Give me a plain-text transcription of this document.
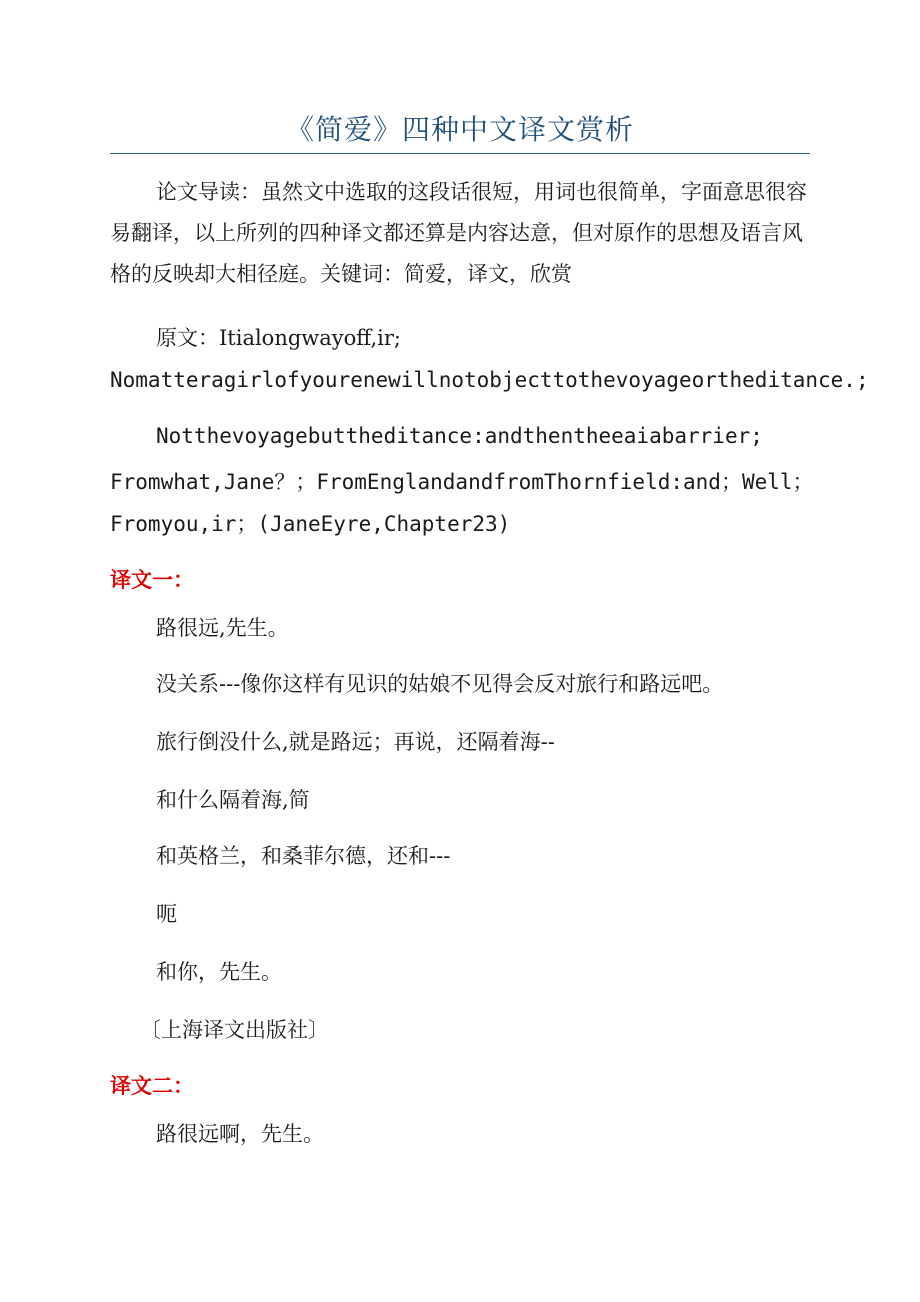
《简爱》四种中文译文赏析

论文导读：虽然文中选取的这段话很短，用词也很简单，字面意思很容易翻译，以上所列的四种译文都还算是内容达意，但对原作的思想及语言风格的反映却大相径庭。关键词：简爱，译文，欣赏

原文：Itialongwayoff,ir;
Nomatteragirlofyourenewillnotobjecttothevoyageortheditance.;
Notthevoyagebuttheditance:andthentheeaiabarrier;
Fromwhat,Jane？；FromEnglandandfromThornfield:and；Well；
Fromyou,ir；(JaneEyre,Chapter23)
译文一：
路很远,先生。
没关系---像你这样有见识的姑娘不见得会反对旅行和路远吧。
旅行倒没什么,就是路远；再说，还隔着海--
和什么隔着海,简
和英格兰，和桑菲尔德，还和---
呃
和你，先生。
〔上海译文出版社〕
译文二：
路很远啊，先生。
